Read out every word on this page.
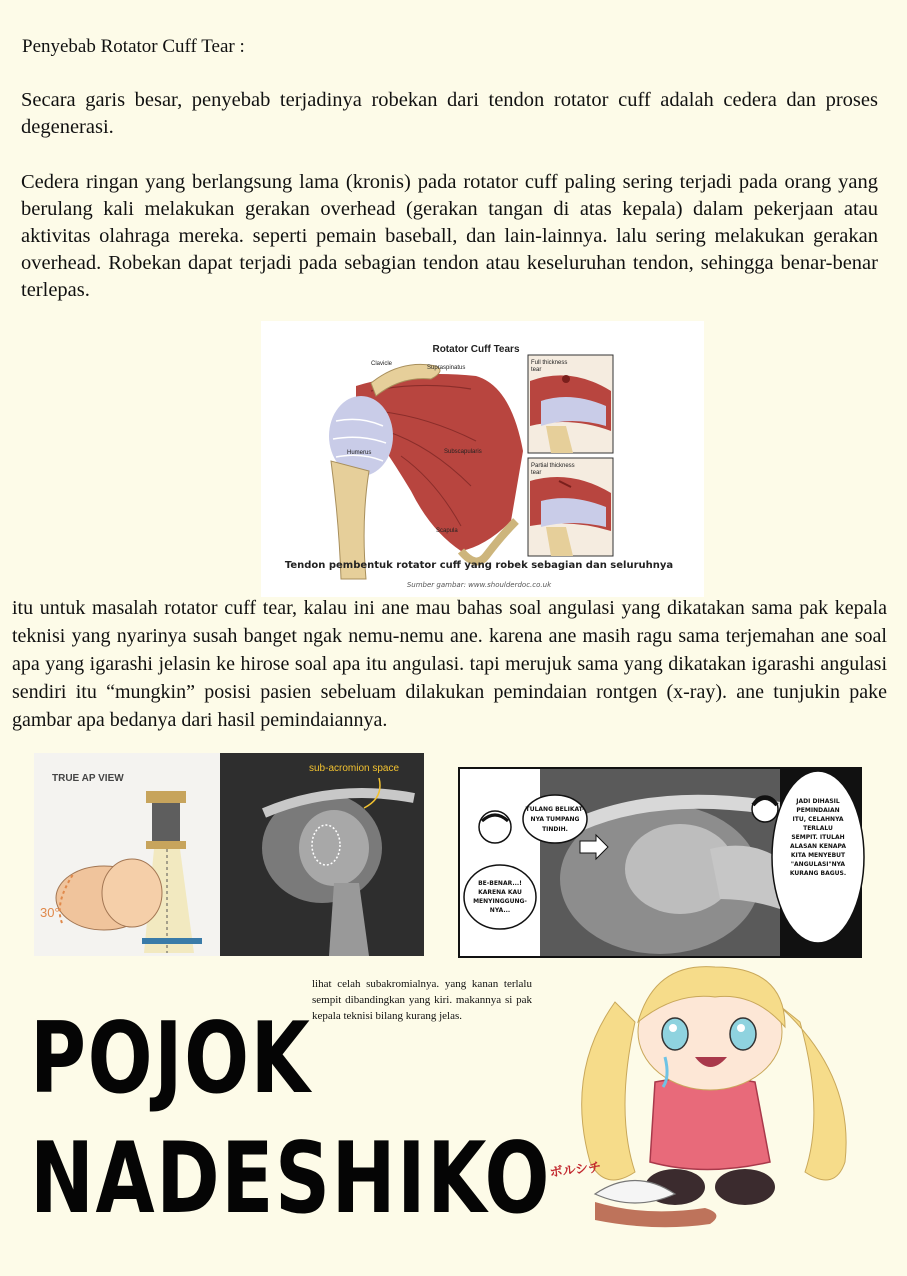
Penyebab Rotator Cuff Tear :

Secara garis besar, penyebab terjadinya robekan dari tendon rotator cuff adalah cedera dan proses degenerasi.

Cedera ringan yang berlangsung lama (kronis) pada rotator cuff paling sering terjadi pada orang yang berulang kali melakukan gerakan overhead (gerakan tangan di atas kepala) dalam pekerjaan atau aktivitas olahraga mereka. seperti pemain baseball, dan lain-lainnya. lalu sering melakukan gerakan overhead. Robekan dapat terjadi pada sebagian tendon atau keseluruhan tendon, sehingga benar-benar terlepas.

Rotator Cuff Tears
Clavicle
Supraspinatus
Humerus	Subscapularis
Scapula
Full thickness
tear
Partial thickness
tear
Tendon pembentuk rotator cuff yang robek sebagian dan seluruhnya
Sumber gambar: www.shoulderdoc.co.uk

itu untuk masalah rotator cuff tear, kalau ini ane mau bahas soal angulasi yang dikatakan sama pak kepala teknisi yang nyarinya susah banget ngak nemu-nemu ane. karena ane masih ragu sama terjemahan ane soal apa yang igarashi jelasin ke hirose soal apa itu angulasi. tapi merujuk sama yang dikatakan igarashi angulasi sendiri itu “mungkin” posisi pasien sebeluam dilakukan pemindaian rontgen (x-ray). ane tunjukin pake gambar apa bedanya dari hasil pemindaiannya.

TRUE AP VIEW
30°
sub-acromion space
TULANG BELIKAT-
NYA TUMPANG
TINDIH.
BE-BENAR...!
KARENA KAU
MENYINGGUNG-
NYA...
JADI DIHASIL
PEMINDAIAN
ITU, CELAHNYA
TERLALU
SEMPIT. ITULAH
ALASAN KENAPA
KITA MENYEBUT
"ANGULASI"NYA
KURANG BAGUS.

lihat celah subakromialnya. yang kanan terlalu sempit dibandingkan yang kiri. makannya si pak kepala teknisi bilang kurang jelas.

POJOK
NADESHIKO
ボルシチ
